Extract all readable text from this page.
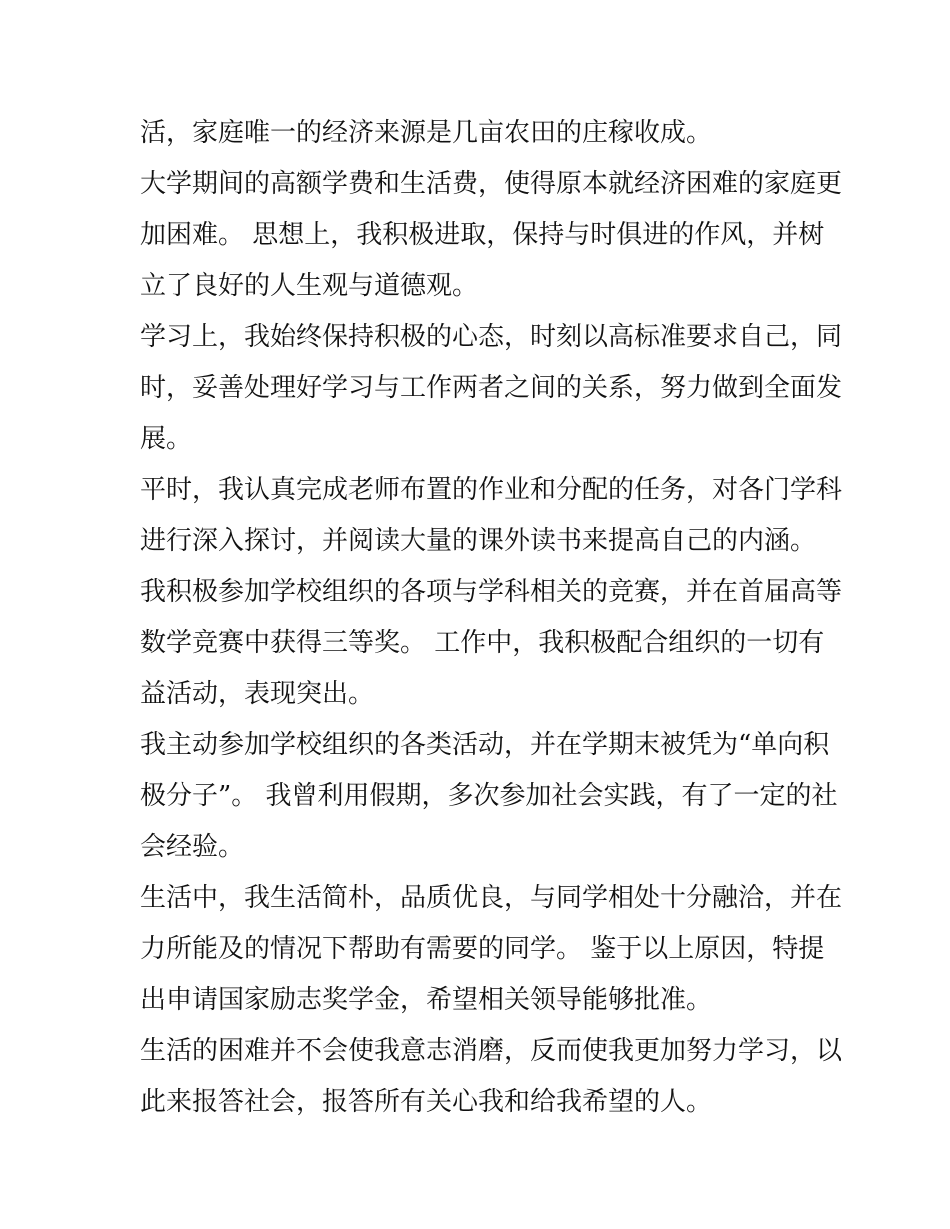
活，家庭唯一的经济来源是几亩农田的庄稼收成。
大学期间的高额学费和生活费，使得原本就经济困难的家庭更
加困难。 思想上，我积极进取，保持与时俱进的作风，并树
立了良好的人生观与道德观。
学习上，我始终保持积极的心态，时刻以高标准要求自己，同
时，妥善处理好学习与工作两者之间的关系，努力做到全面发
展。
平时，我认真完成老师布置的作业和分配的任务，对各门学科
进行深入探讨，并阅读大量的课外读书来提高自己的内涵。
我积极参加学校组织的各项与学科相关的竞赛，并在首届高等
数学竞赛中获得三等奖。 工作中，我积极配合组织的一切有
益活动，表现突出。
我主动参加学校组织的各类活动，并在学期末被凭为“单向积
极分子”。 我曾利用假期，多次参加社会实践，有了一定的社
会经验。
生活中，我生活简朴，品质优良，与同学相处十分融洽，并在
力所能及的情况下帮助有需要的同学。 鉴于以上原因，特提
出申请国家励志奖学金，希望相关领导能够批准。
生活的困难并不会使我意志消磨，反而使我更加努力学习，以
此来报答社会，报答所有关心我和给我希望的人。
